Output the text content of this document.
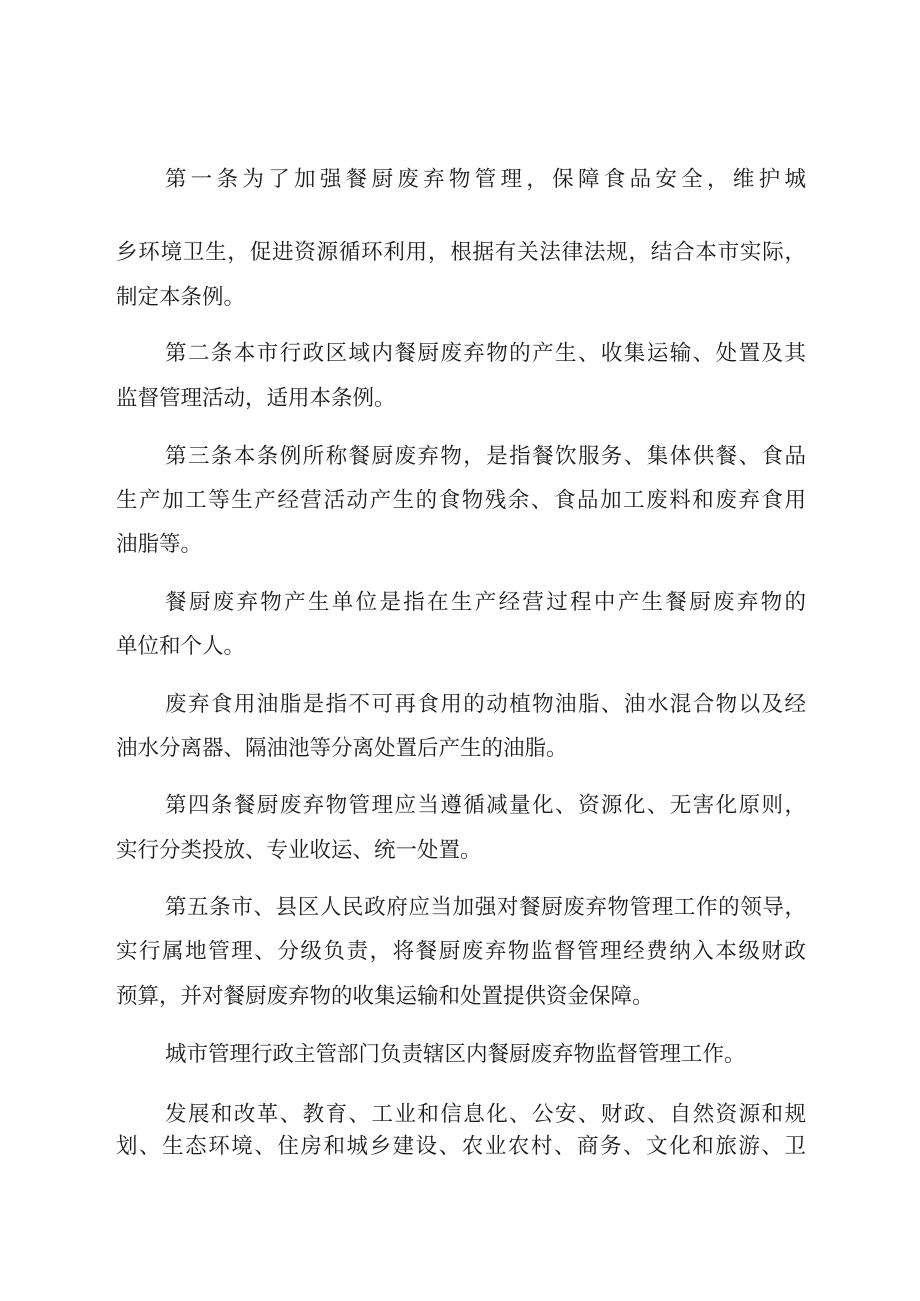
第一条为了加强餐厨废弃物管理，保障食品安全，维护城
乡环境卫生，促进资源循环利用，根据有关法律法规，结合本市实际，
制定本条例。
第二条本市行政区域内餐厨废弃物的产生、收集运输、处置及其
监督管理活动，适用本条例。
第三条本条例所称餐厨废弃物，是指餐饮服务、集体供餐、食品
生产加工等生产经营活动产生的食物残余、食品加工废料和废弃食用
油脂等。
餐厨废弃物产生单位是指在生产经营过程中产生餐厨废弃物的
单位和个人。
废弃食用油脂是指不可再食用的动植物油脂、油水混合物以及经
油水分离器、隔油池等分离处置后产生的油脂。
第四条餐厨废弃物管理应当遵循减量化、资源化、无害化原则，
实行分类投放、专业收运、统一处置。
第五条市、县区人民政府应当加强对餐厨废弃物管理工作的领导，
实行属地管理、分级负责，将餐厨废弃物监督管理经费纳入本级财政
预算，并对餐厨废弃物的收集运输和处置提供资金保障。
城市管理行政主管部门负责辖区内餐厨废弃物监督管理工作。
发展和改革、教育、工业和信息化、公安、财政、自然资源和规
划、生态环境、住房和城乡建设、农业农村、商务、文化和旅游、卫
